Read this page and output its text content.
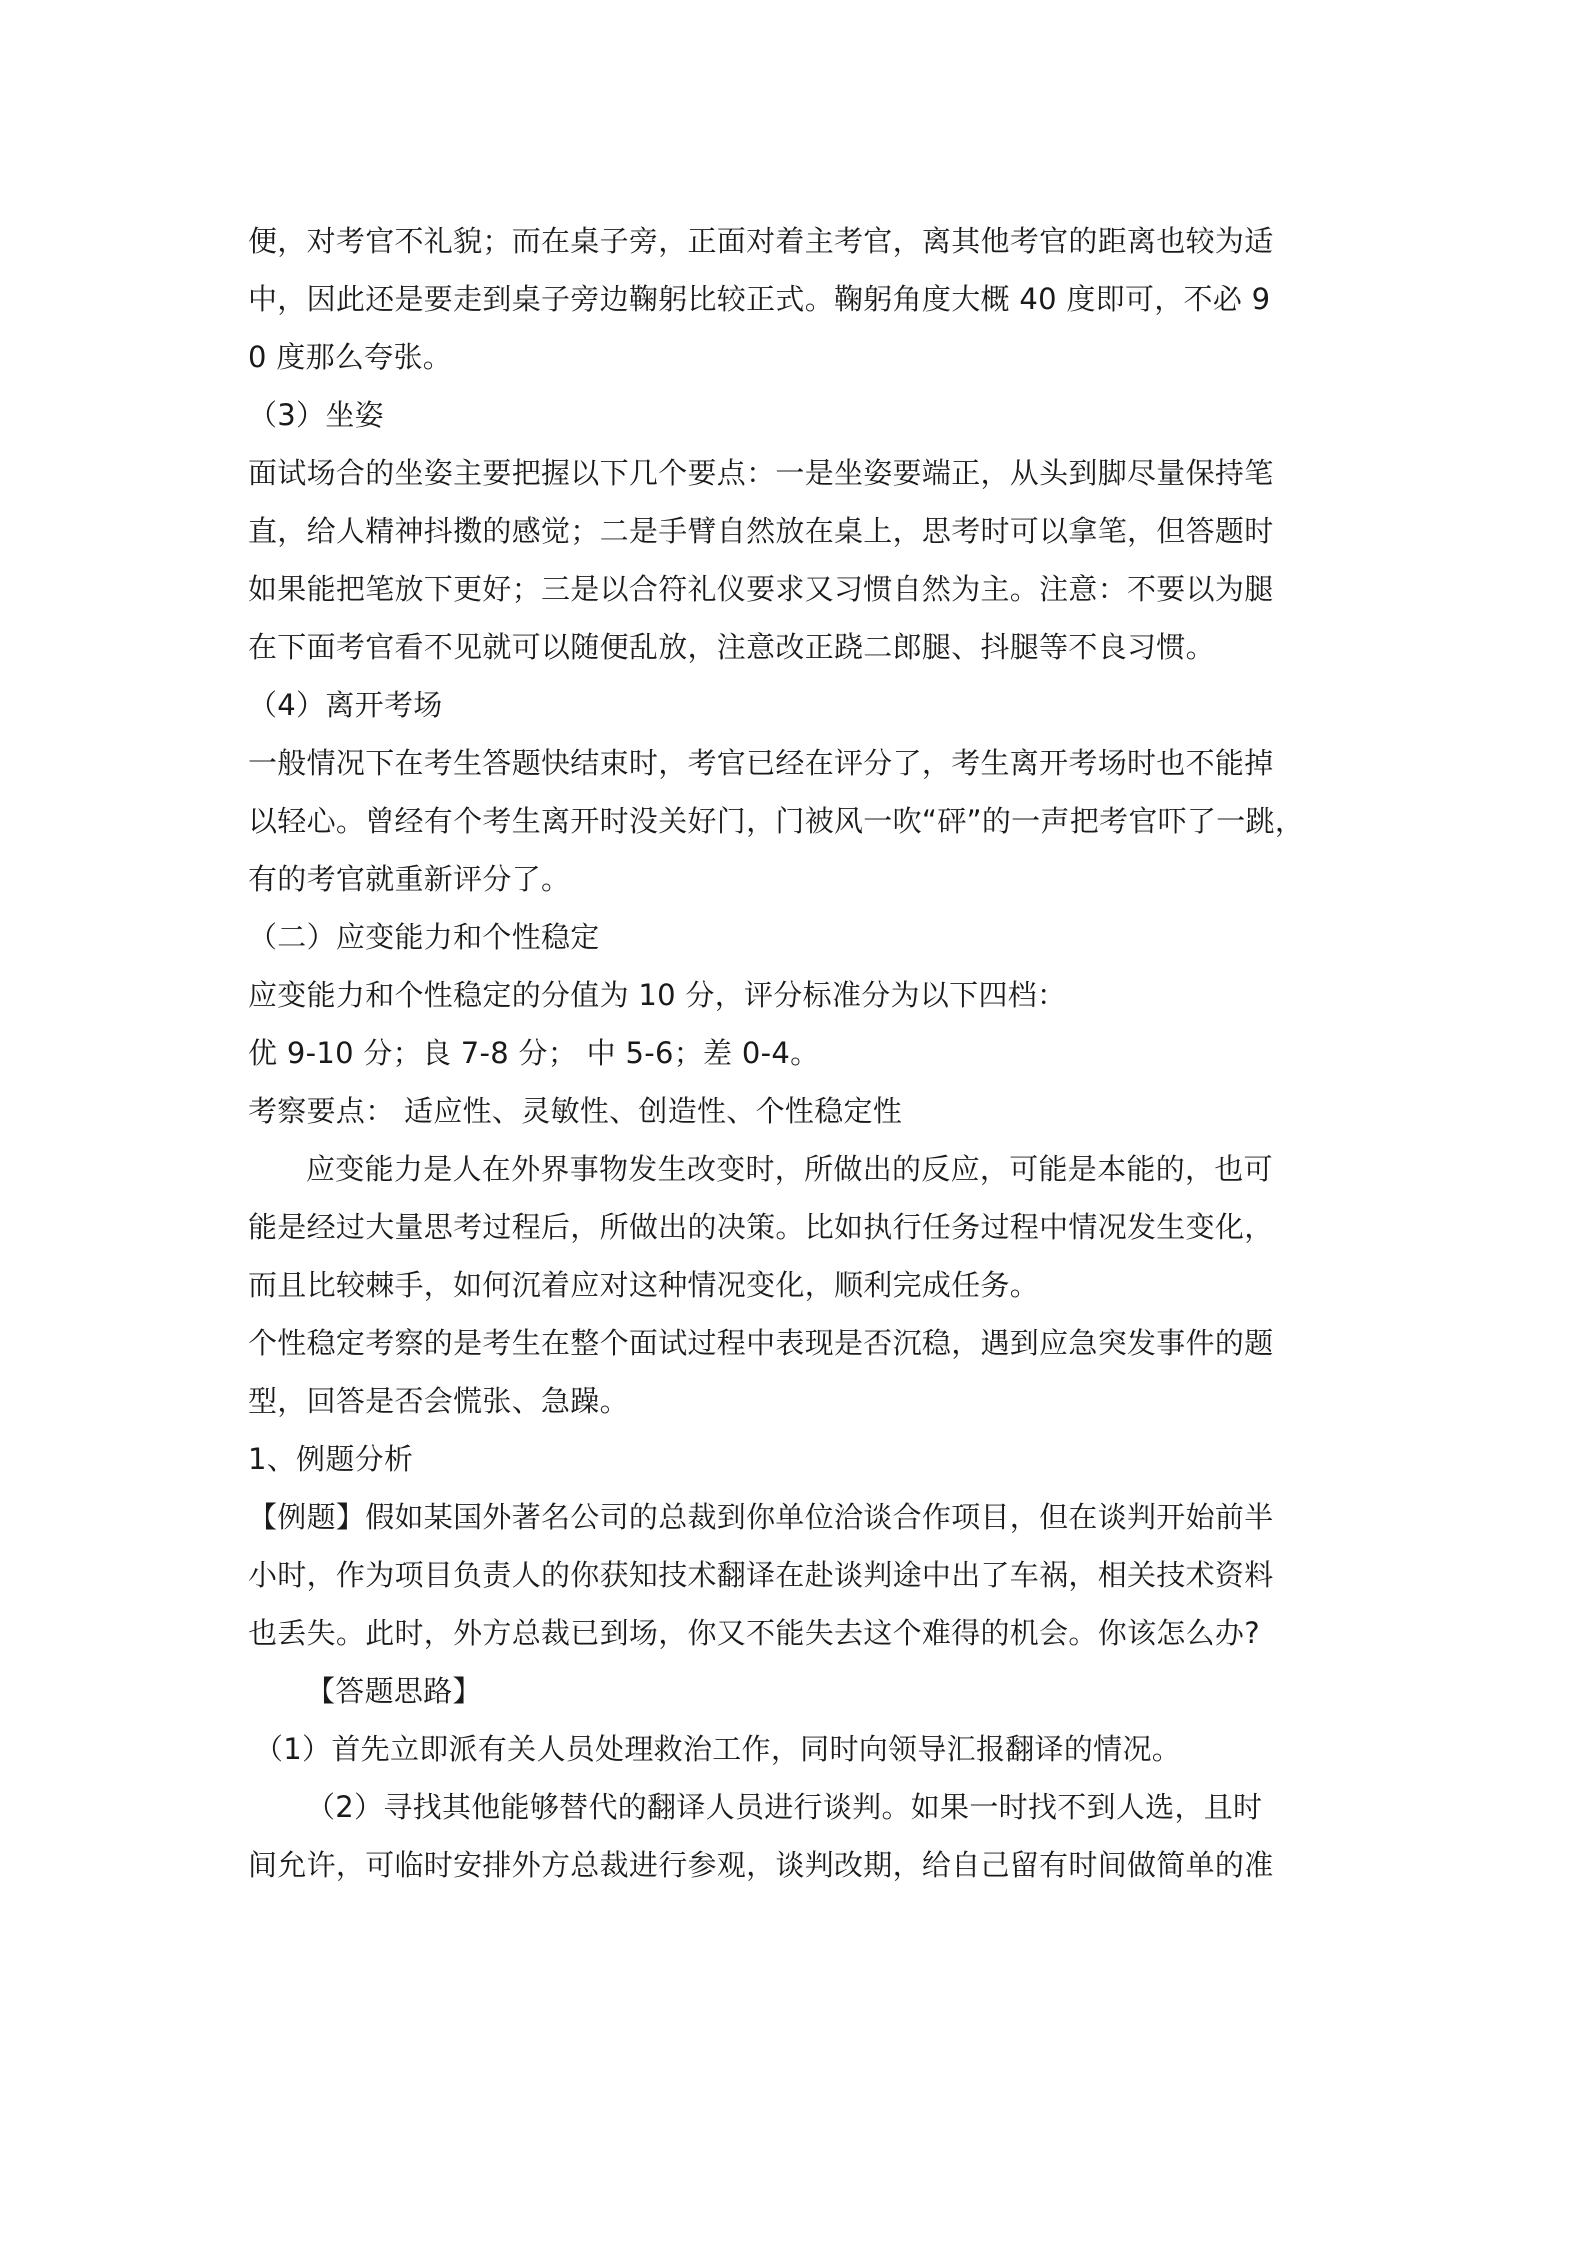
便，对考官不礼貌；而在桌子旁，正面对着主考官，离其他考官的距离也较为适
中，因此还是要走到桌子旁边鞠躬比较正式。鞠躬角度大概 40 度即可，不必 9
0 度那么夸张。
（3）坐姿
面试场合的坐姿主要把握以下几个要点：一是坐姿要端正，从头到脚尽量保持笔
直，给人精神抖擞的感觉；二是手臂自然放在桌上，思考时可以拿笔，但答题时
如果能把笔放下更好；三是以合符礼仪要求又习惯自然为主。注意：不要以为腿
在下面考官看不见就可以随便乱放，注意改正跷二郎腿、抖腿等不良习惯。
（4）离开考场
一般情况下在考生答题快结束时，考官已经在评分了，考生离开考场时也不能掉
以轻心。曾经有个考生离开时没关好门，门被风一吹“砰”的一声把考官吓了一跳，
有的考官就重新评分了。
（二）应变能力和个性稳定
应变能力和个性稳定的分值为 10 分，评分标准分为以下四档：
优 9-10 分；良 7-8 分； 中 5-6；差 0-4。
考察要点： 适应性、灵敏性、创造性、个性稳定性
应变能力是人在外界事物发生改变时，所做出的反应，可能是本能的，也可
能是经过大量思考过程后，所做出的决策。比如执行任务过程中情况发生变化，
而且比较棘手，如何沉着应对这种情况变化，顺利完成任务。
个性稳定考察的是考生在整个面试过程中表现是否沉稳，遇到应急突发事件的题
型，回答是否会慌张、急躁。
1、例题分析
【例题】假如某国外著名公司的总裁到你单位洽谈合作项目，但在谈判开始前半
小时，作为项目负责人的你获知技术翻译在赴谈判途中出了车祸，相关技术资料
也丢失。此时，外方总裁已到场，你又不能失去这个难得的机会。你该怎么办?
【答题思路】
（1）首先立即派有关人员处理救治工作，同时向领导汇报翻译的情况。
（2）寻找其他能够替代的翻译人员进行谈判。如果一时找不到人选，且时
间允许，可临时安排外方总裁进行参观，谈判改期，给自己留有时间做简单的准
